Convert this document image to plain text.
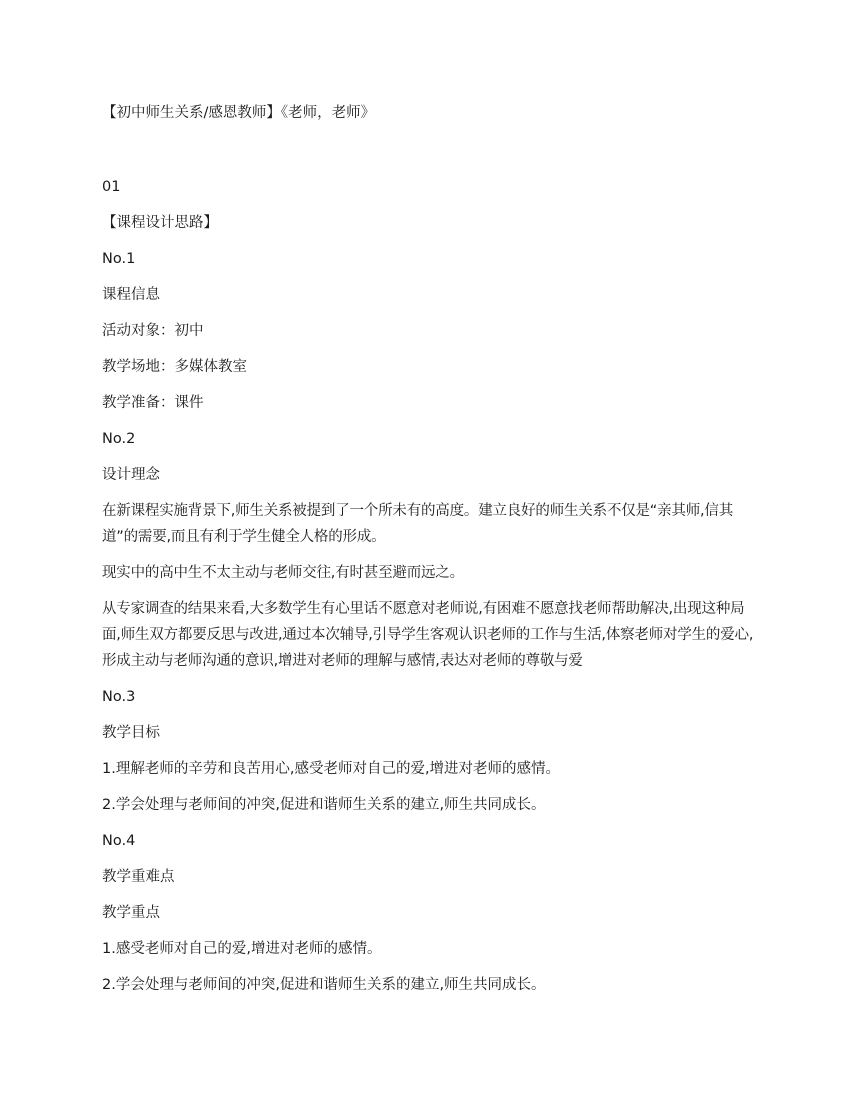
【初中师生关系/感恩教师】《老师，老师》

01

【课程设计思路】

No.1

课程信息

活动对象：初中

教学场地：多媒体教室

教学准备：课件

No.2

设计理念

在新课程实施背景下,师生关系被提到了一个所未有的高度。建立良好的师生关系不仅是“亲其师,信其道”的需要,而且有利于学生健全人格的形成。

现实中的高中生不太主动与老师交往,有时甚至避而远之。

从专家调查的结果来看,大多数学生有心里话不愿意对老师说,有困难不愿意找老师帮助解决,出现这种局面,师生双方都要反思与改进,通过本次辅导,引导学生客观认识老师的工作与生活,体察老师对学生的爱心,形成主动与老师沟通的意识,增进对老师的理解与感情,表达对老师的尊敬与爱

No.3

教学目标

1.理解老师的辛劳和良苦用心,感受老师对自己的爱,增进对老师的感情。

2.学会处理与老师间的冲突,促进和谐师生关系的建立,师生共同成长。

No.4

教学重难点

教学重点

1.感受老师对自己的爱,增进对老师的感情。

2.学会处理与老师间的冲突,促进和谐师生关系的建立,师生共同成长。
